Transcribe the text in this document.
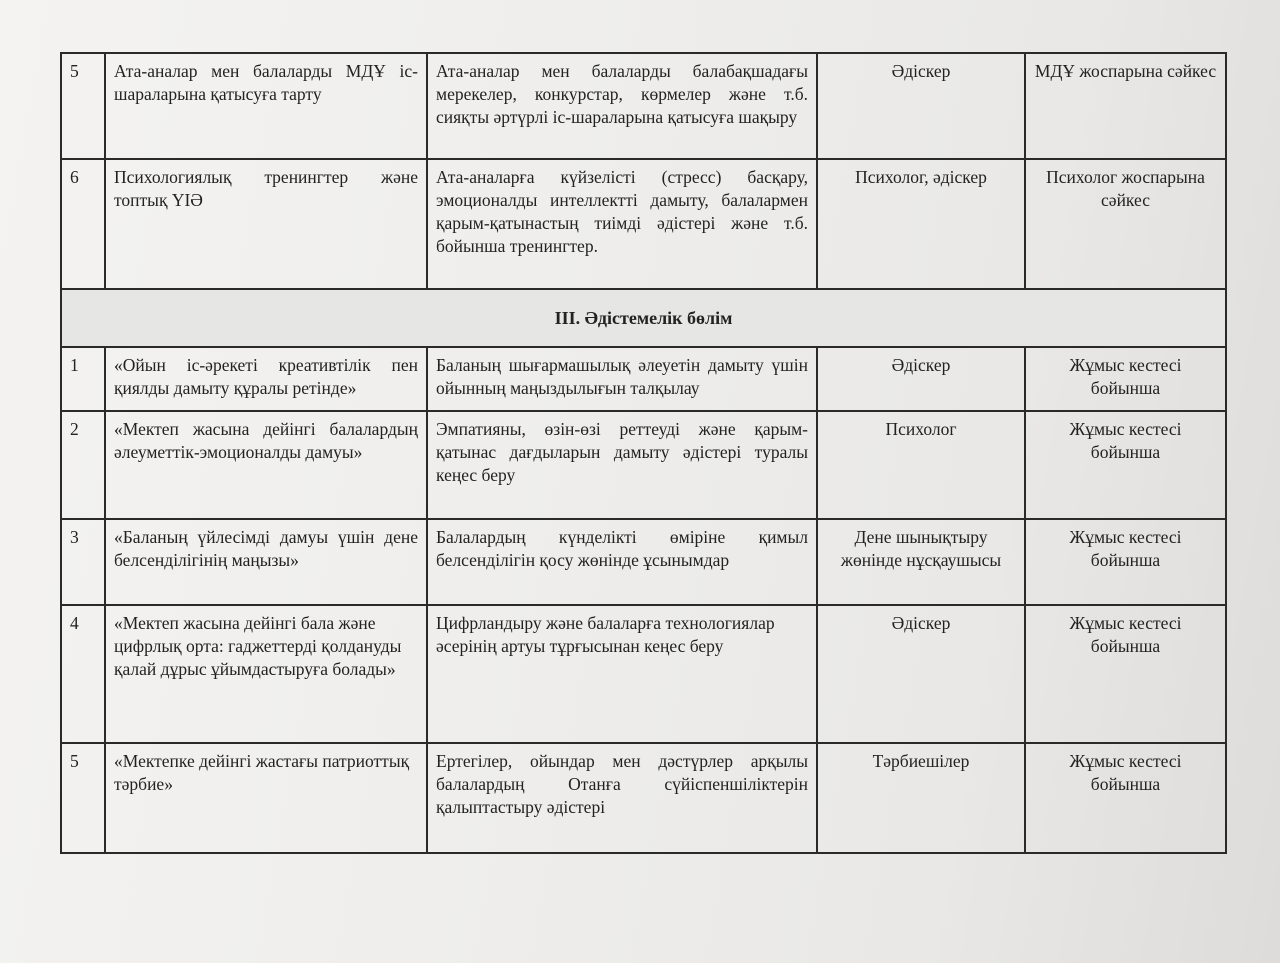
5	Ата-аналар мен балаларды МДҰ іс-шараларына қатысуға тарту	Ата-аналар мен балаларды балабақшадағы мерекелер, конкурстар, көрмелер және т.б. сияқты әртүрлі іс-шараларына қатысуға шақыру	Әдіскер	МДҰ жоспарына сәйкес
6	Психологиялық тренингтер және топтық ҮІӘ	Ата-аналарға күйзелісті (стресс) басқару, эмоционалды интеллектті дамыту, балалармен қарым-қатынастың тиімді әдістері және т.б. бойынша тренингтер.	Психолог, әдіскер	Психолог жоспарына сәйкес
III. Әдістемелік бөлім				
1	«Ойын іс-әрекеті креативтілік пен қиялды дамыту құралы ретінде»	Баланың шығармашылық әлеуетін дамыту үшін ойынның маңыздылығын талқылау	Әдіскер	Жұмыс кестесі бойынша
2	«Мектеп жасына дейінгі балалардың әлеуметтік-эмоционалды дамуы»	Эмпатияны, өзін-өзі реттеуді және қарым-қатынас дағдыларын дамыту әдістері туралы кеңес беру	Психолог	Жұмыс кестесі бойынша
3	«Баланың үйлесімді дамуы үшін дене белсенділігінің маңызы»	Балалардың күнделікті өміріне қимыл белсенділігін қосу жөнінде ұсынымдар	Дене шынықтыру жөнінде нұсқаушысы	Жұмыс кестесі бойынша
4	«Мектеп жасына дейінгі бала және цифрлық орта: гаджеттерді қолдануды қалай дұрыс ұйымдастыруға болады»	Цифрландыру және балаларға технологиялар әсерінің артуы тұрғысынан кеңес беру	Әдіскер	Жұмыс кестесі бойынша
5	«Мектепке дейінгі жастағы патриоттық тәрбие»	Ертегілер, ойындар мен дәстүрлер арқылы балалардың Отанға сүйіспеншіліктерін қалыптастыру әдістері	Тәрбиешілер	Жұмыс кестесі бойынша
